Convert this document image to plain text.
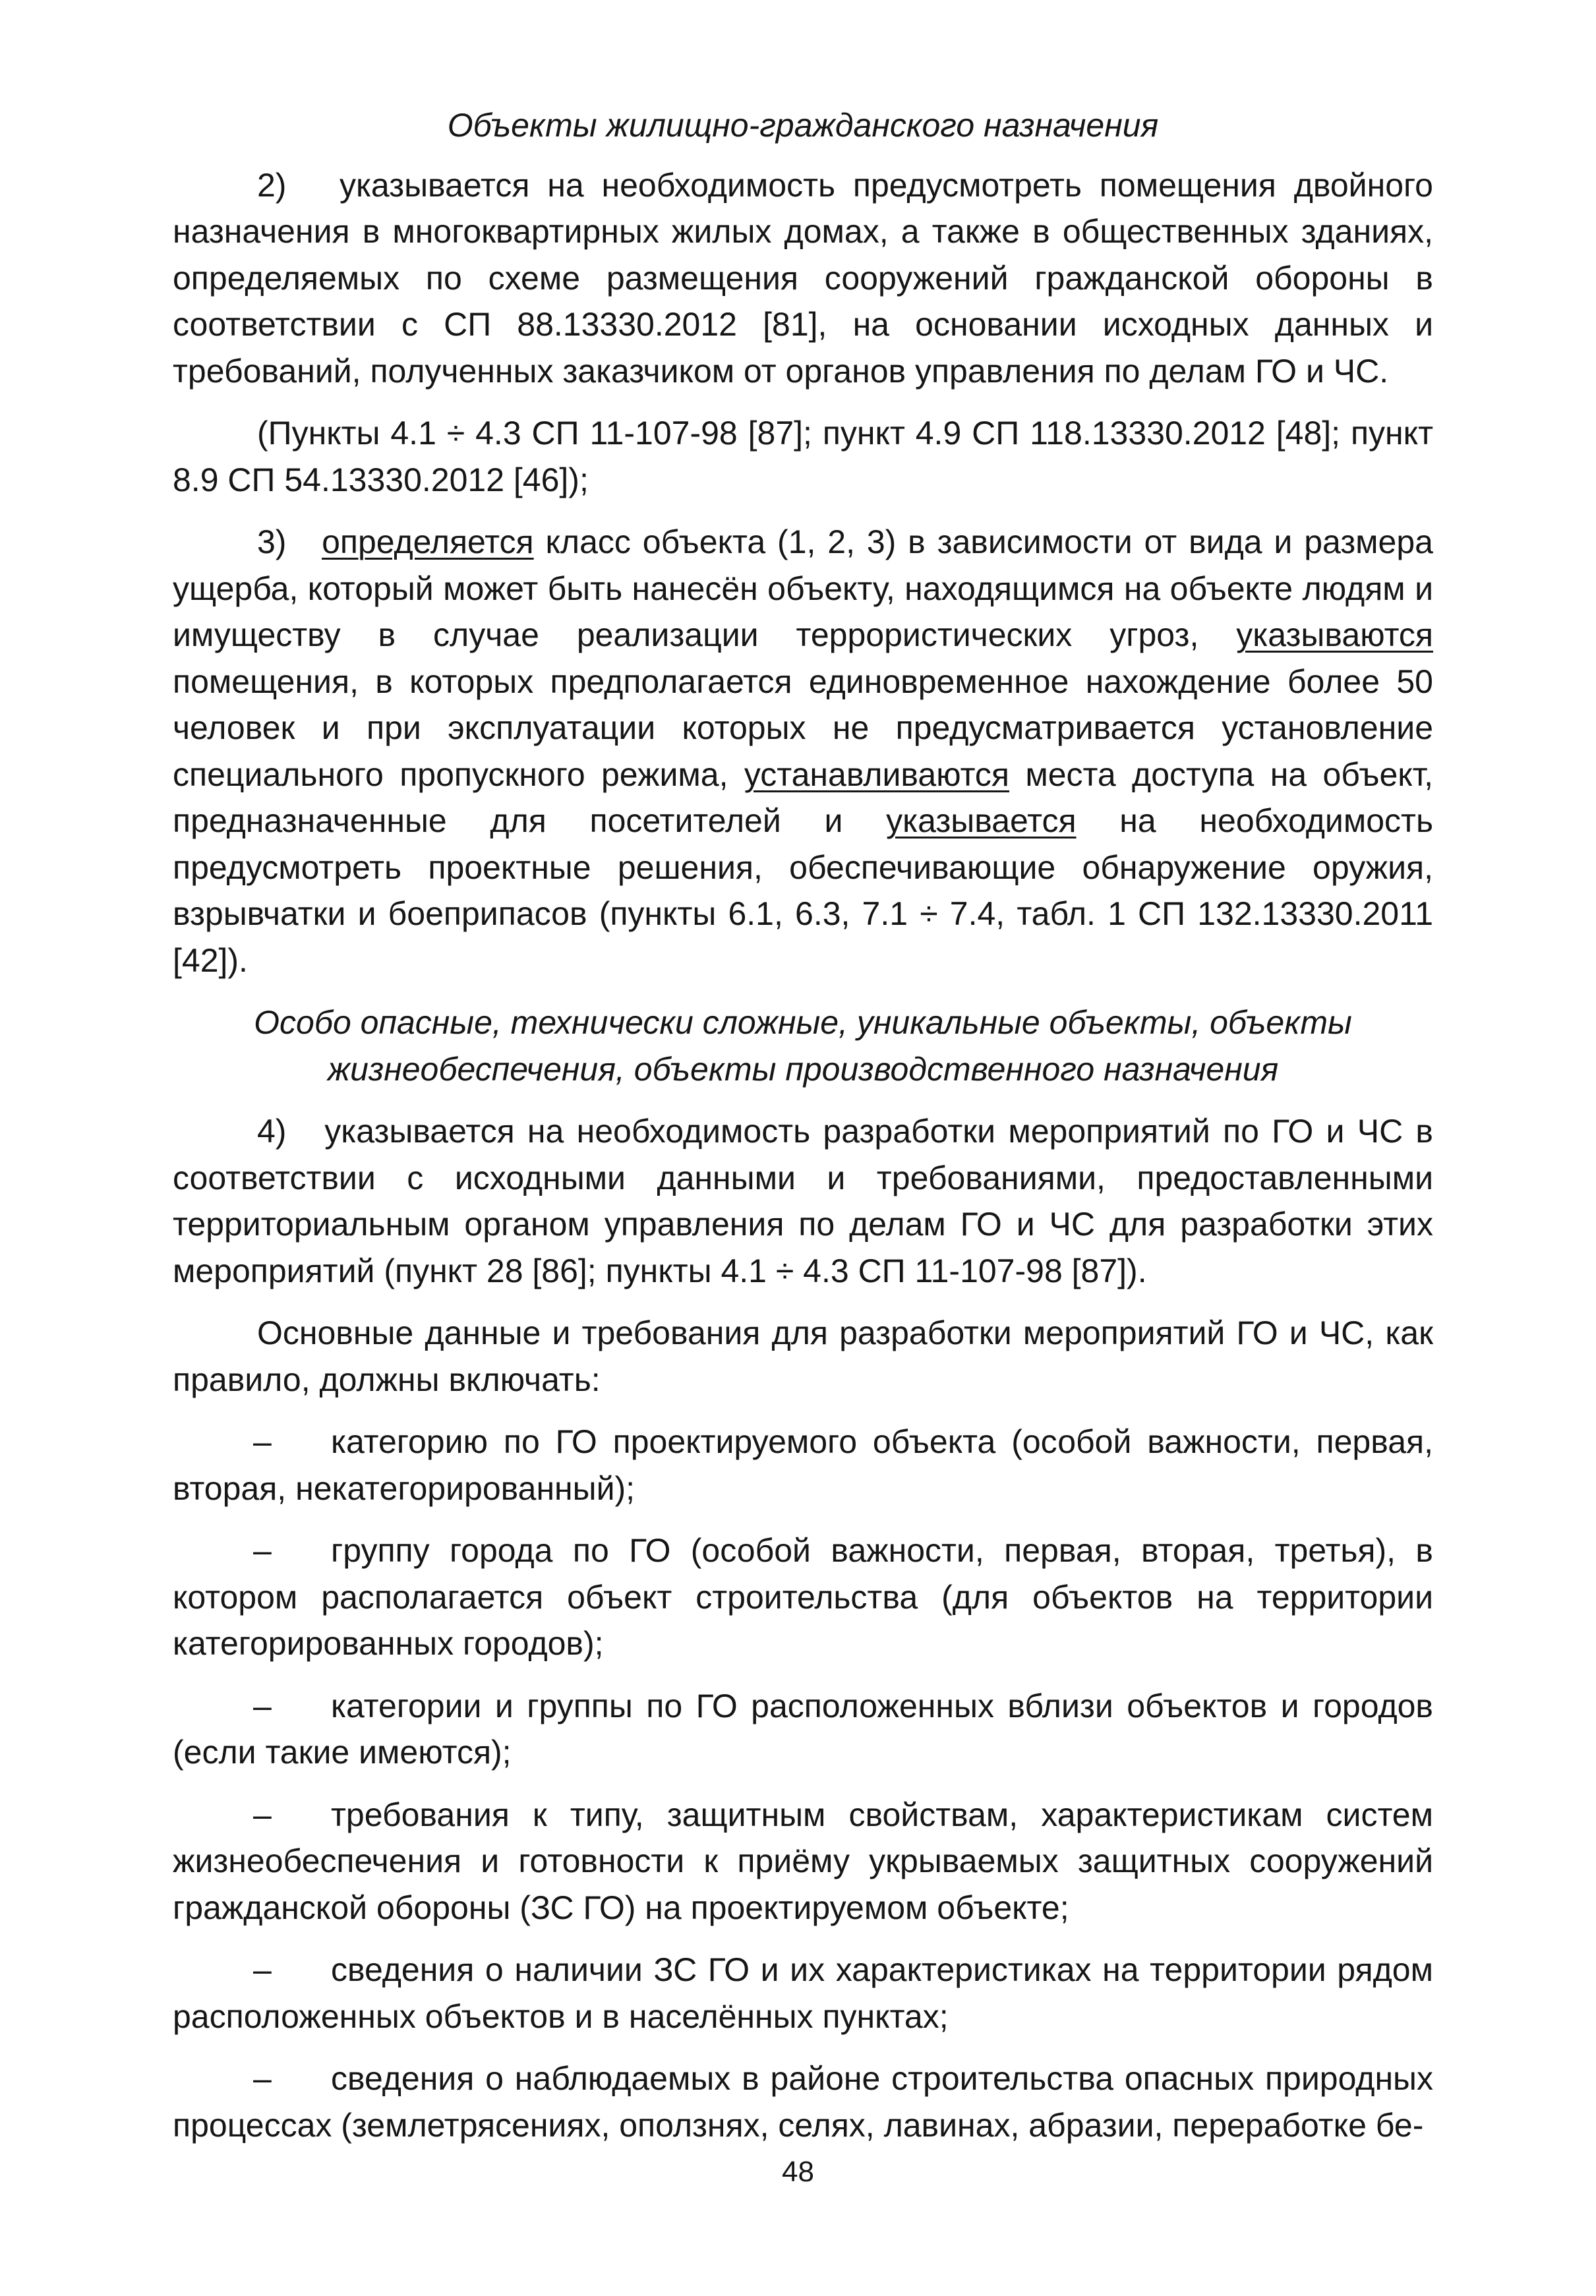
Объекты жилищно-гражданского назначения

2) указывается на необходимость предусмотреть помещения двойного назначения в многоквартирных жилых домах, а также в общественных зданиях, определяемых по схеме размещения сооружений гражданской обороны в соответствии с СП 88.13330.2012 [81], на основании исходных данных и требований, полученных заказчиком от органов управления по делам ГО и ЧС.

(Пункты 4.1 ÷ 4.3 СП 11-107-98 [87]; пункт 4.9 СП 118.13330.2012 [48]; пункт 8.9 СП 54.13330.2012 [46]);

3) определяется класс объекта (1, 2, 3) в зависимости от вида и размера ущерба, который может быть нанесён объекту, находящимся на объекте людям и имуществу в случае реализации террористических угроз, указываются помещения, в которых предполагается единовременное нахождение более 50 человек и при эксплуатации которых не предусматривается установление специального пропускного режима, устанавливаются места доступа на объект, предназначенные для посетителей и указывается на необходимость предусмотреть проектные решения, обеспечивающие обнаружение оружия, взрывчатки и боеприпасов (пункты 6.1, 6.3, 7.1 ÷ 7.4, табл. 1 СП 132.13330.2011 [42]).

Особо опасные, технически сложные, уникальные объекты, объекты жизнеобеспечения, объекты производственного назначения

4) указывается на необходимость разработки мероприятий по ГО и ЧС в соответствии с исходными данными и требованиями, предоставленными территориальным органом управления по делам ГО и ЧС для разработки этих мероприятий (пункт 28 [86]; пункты 4.1 ÷ 4.3 СП 11-107-98 [87]).

Основные данные и требования для разработки мероприятий ГО и ЧС, как правило, должны включать:

– категорию по ГО проектируемого объекта (особой важности, первая, вторая, некатегорированный);

– группу города по ГО (особой важности, первая, вторая, третья), в котором располагается объект строительства (для объектов на территории категорированных городов);

– категории и группы по ГО расположенных вблизи объектов и городов (если такие имеются);

– требования к типу, защитным свойствам, характеристикам систем жизнеобеспечения и готовности к приёму укрываемых защитных сооружений гражданской обороны (ЗС ГО) на проектируемом объекте;

– сведения о наличии ЗС ГО и их характеристиках на территории рядом расположенных объектов и в населённых пунктах;

– сведения о наблюдаемых в районе строительства опасных природных процессах (землетрясениях, оползнях, селях, лавинах, абразии, переработке бе-

48
